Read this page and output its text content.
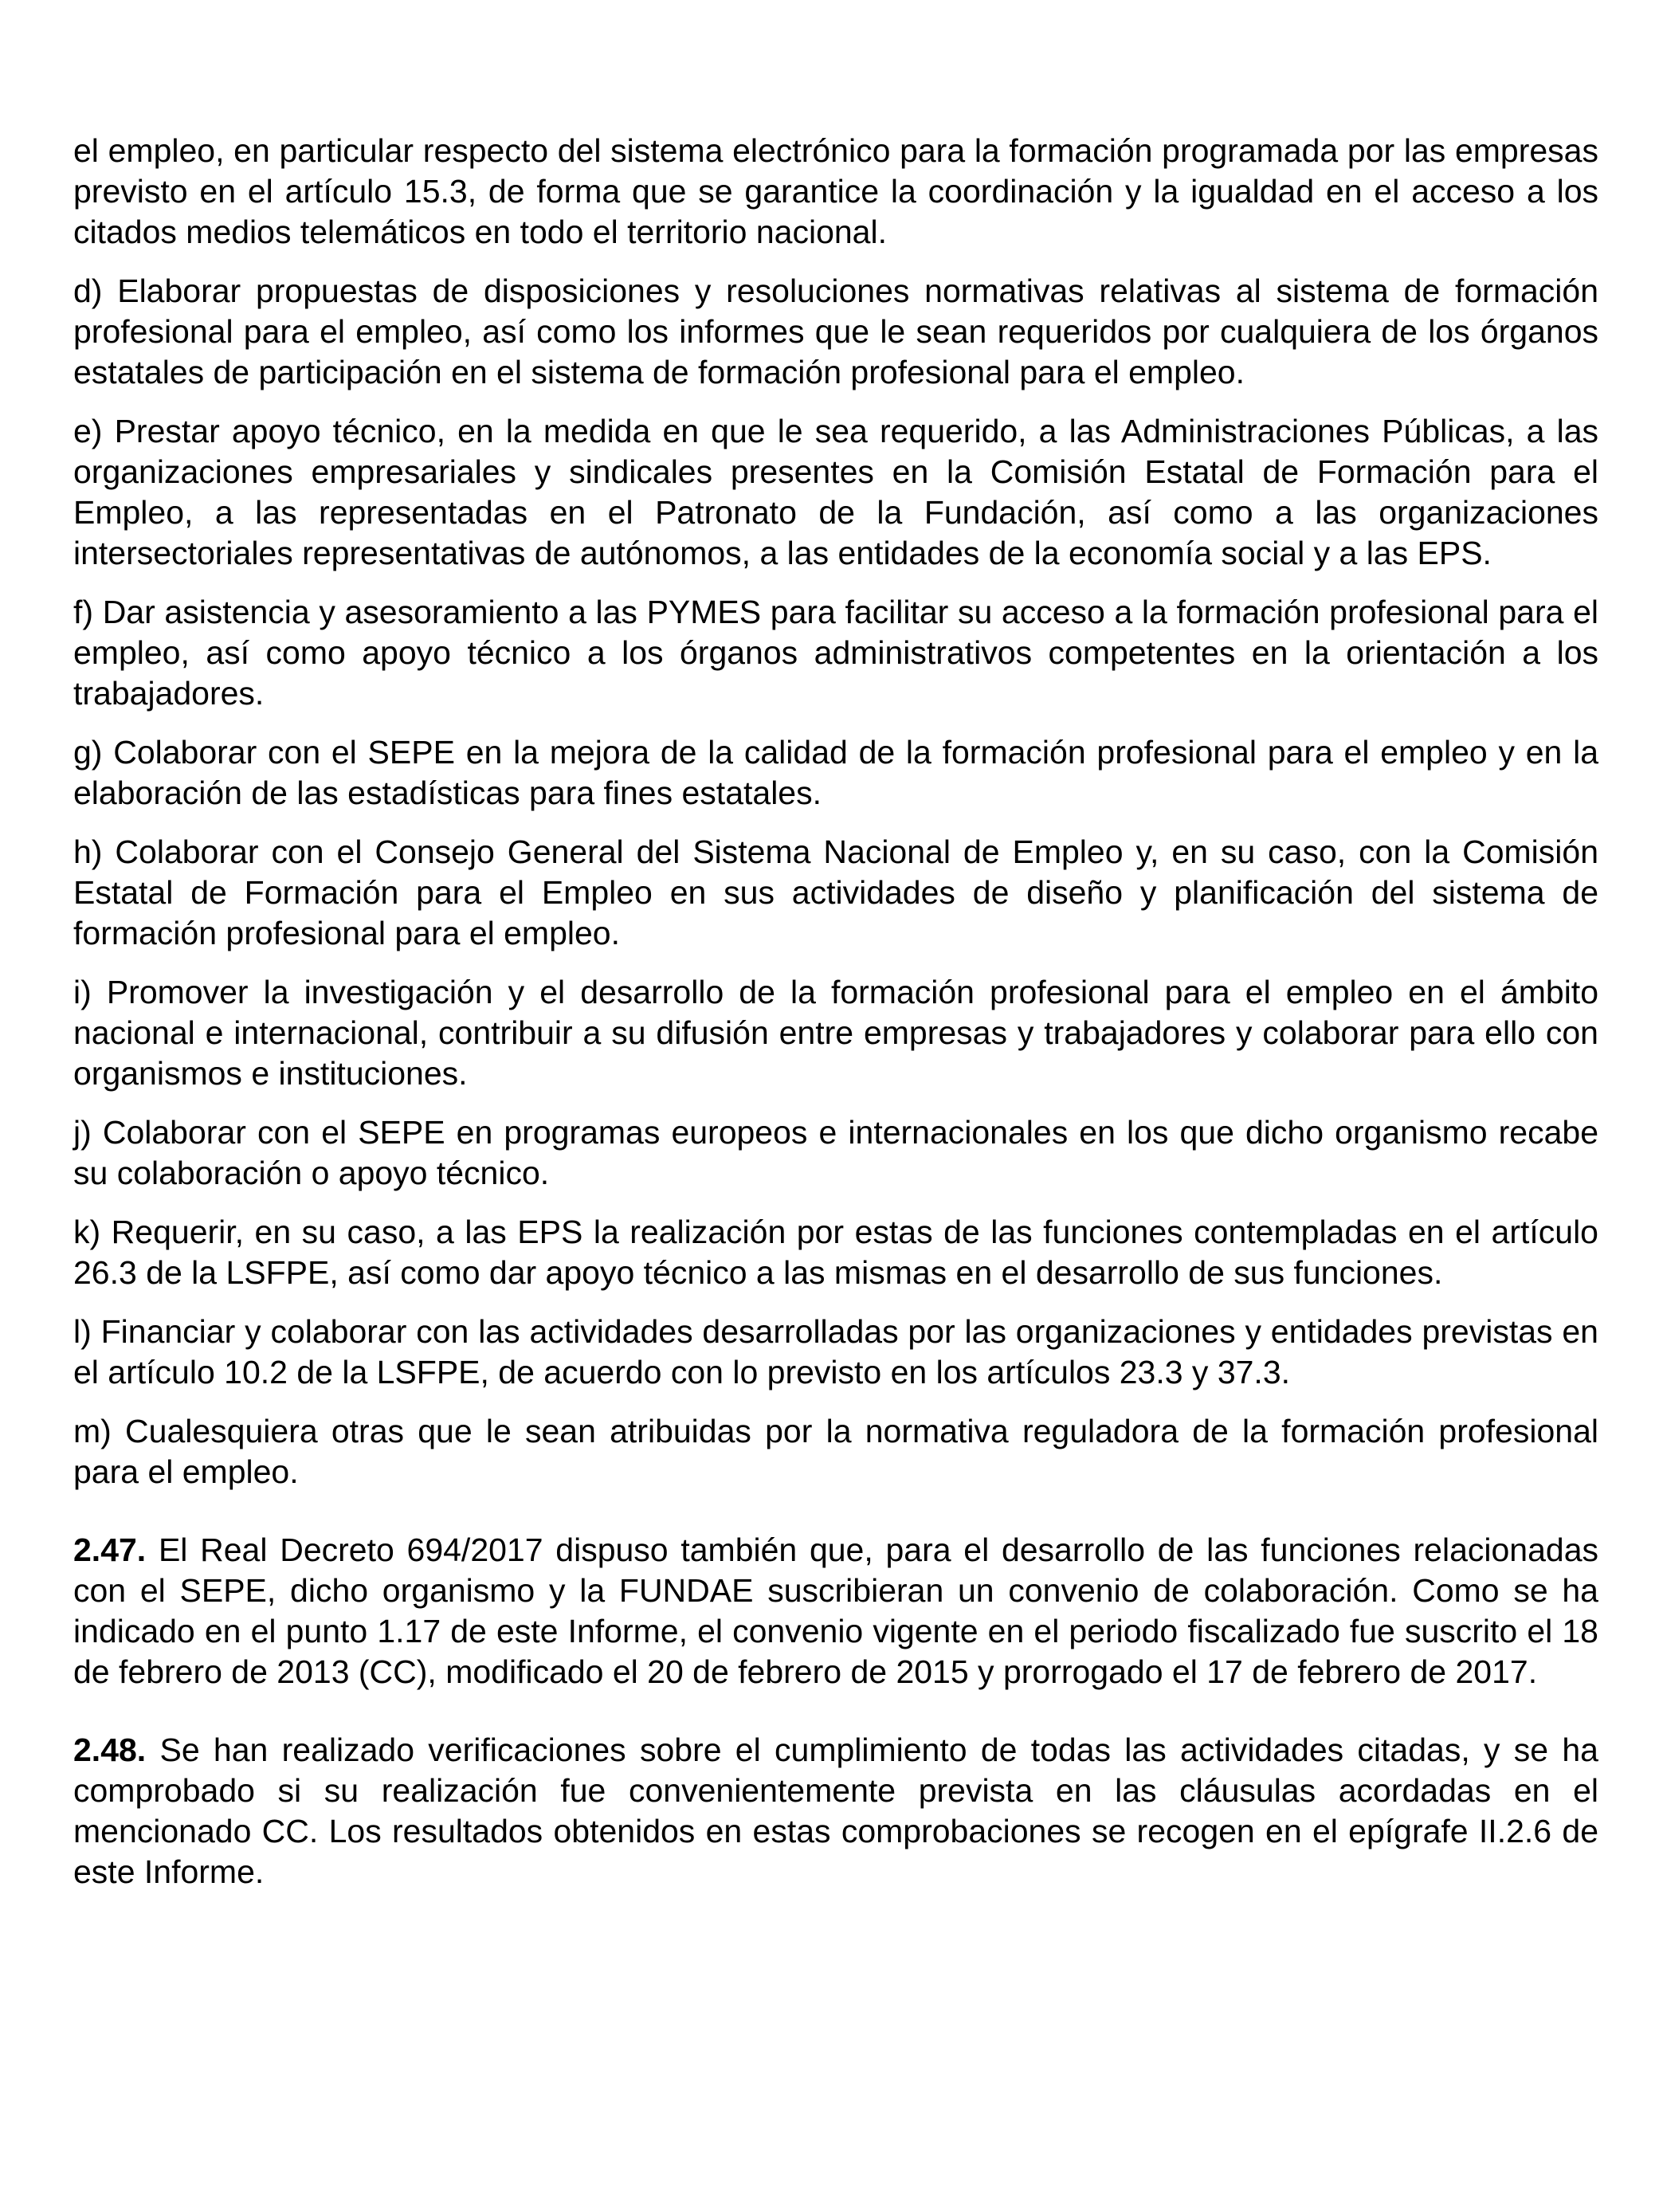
el empleo, en particular respecto del sistema electrónico para la formación programada por las empresas previsto en el artículo 15.3, de forma que se garantice la coordinación y la igualdad en el acceso a los citados medios telemáticos en todo el territorio nacional.

d) Elaborar propuestas de disposiciones y resoluciones normativas relativas al sistema de formación profesional para el empleo, así como los informes que le sean requeridos por cualquiera de los órganos estatales de participación en el sistema de formación profesional para el empleo.

e) Prestar apoyo técnico, en la medida en que le sea requerido, a las Administraciones Públicas, a las organizaciones empresariales y sindicales presentes en la Comisión Estatal de Formación para el Empleo, a las representadas en el Patronato de la Fundación, así como a las organizaciones intersectoriales representativas de autónomos, a las entidades de la economía social y a las EPS.

f) Dar asistencia y asesoramiento a las PYMES para facilitar su acceso a la formación profesional para el empleo, así como apoyo técnico a los órganos administrativos competentes en la orientación a los trabajadores.

g) Colaborar con el SEPE en la mejora de la calidad de la formación profesional para el empleo y en la elaboración de las estadísticas para fines estatales.

h) Colaborar con el Consejo General del Sistema Nacional de Empleo y, en su caso, con la Comisión Estatal de Formación para el Empleo en sus actividades de diseño y planificación del sistema de formación profesional para el empleo.

i) Promover la investigación y el desarrollo de la formación profesional para el empleo en el ámbito nacional e internacional, contribuir a su difusión entre empresas y trabajadores y colaborar para ello con organismos e instituciones.

j) Colaborar con el SEPE en programas europeos e internacionales en los que dicho organismo recabe su colaboración o apoyo técnico.

k) Requerir, en su caso, a las EPS la realización por estas de las funciones contempladas en el artículo 26.3 de la LSFPE, así como dar apoyo técnico a las mismas en el desarrollo de sus funciones.

l) Financiar y colaborar con las actividades desarrolladas por las organizaciones y entidades previstas en el artículo 10.2 de la LSFPE, de acuerdo con lo previsto en los artículos 23.3 y 37.3.

m) Cualesquiera otras que le sean atribuidas por la normativa reguladora de la formación profesional para el empleo.

2.47. El Real Decreto 694/2017 dispuso también que, para el desarrollo de las funciones relacionadas con el SEPE, dicho organismo y la FUNDAE suscribieran un convenio de colaboración. Como se ha indicado en el punto 1.17 de este Informe, el convenio vigente en el periodo fiscalizado fue suscrito el 18 de febrero de 2013 (CC), modificado el 20 de febrero de 2015 y prorrogado el 17 de febrero de 2017.

2.48. Se han realizado verificaciones sobre el cumplimiento de todas las actividades citadas, y se ha comprobado si su realización fue convenientemente prevista en las cláusulas acordadas en el mencionado CC. Los resultados obtenidos en estas comprobaciones se recogen en el epígrafe II.2.6 de este Informe.
